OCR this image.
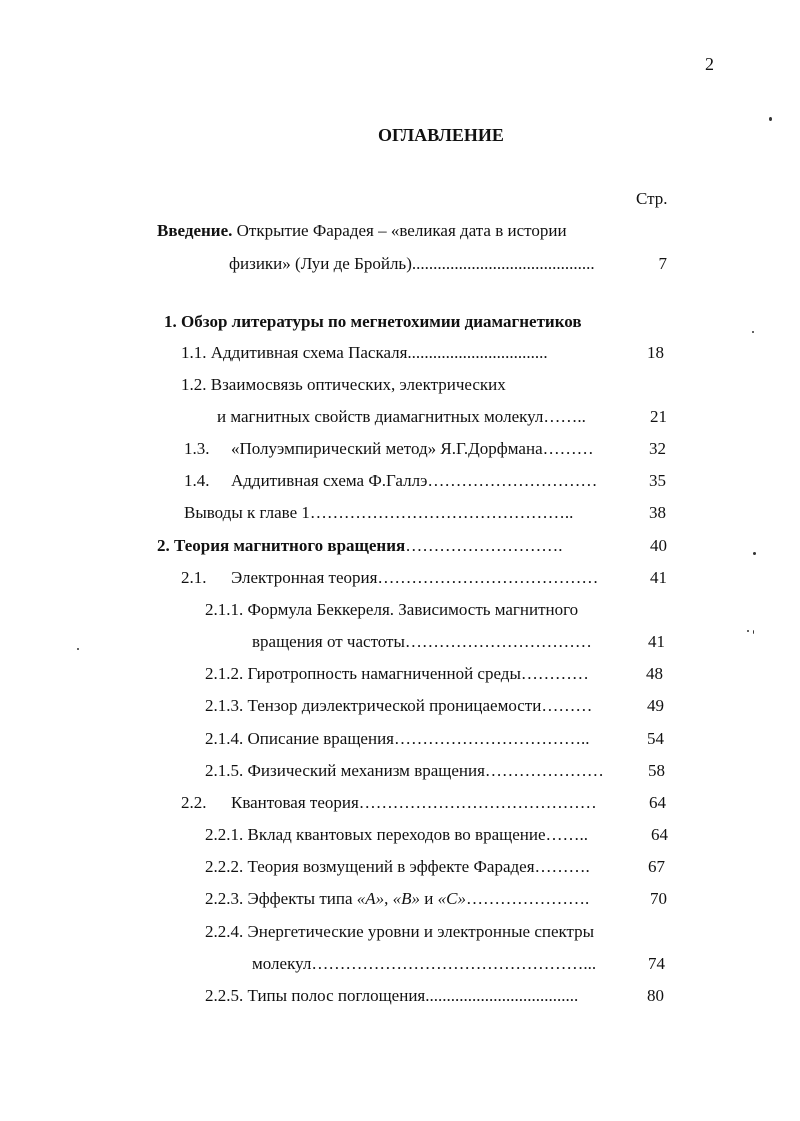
2
ОГЛАВЛЕНИЕ
Стр.
Введение. Открытие Фарадея – «великая дата в истории
физики» (Луи де Бройль)...........................................	7
1. Обзор литературы по мегнетохимии диамагнетиков
1.1. Аддитивная схема Паскаля.................................	18
1.2. Взаимосвязь оптических, электрических
и магнитных свойств диамагнитных молекул……..	21
1.3. «Полуэмпирический метод» Я.Г.Дорфмана………	32
1.4. Аддитивная схема Ф.Галлэ…………………………	35
Выводы к главе 1………………………………………..	38
2. Теория магнитного вращения……………………….	40
2.1. Электронная теория…………………………………	41
2.1.1. Формула Беккереля. Зависимость магнитного
вращения от частоты……………………………	41
2.1.2. Гиротропность намагниченной среды…………	48
2.1.3. Тензор диэлектрической проницаемости………	49
2.1.4. Описание вращения……………………………..	54
2.1.5. Физический механизм вращения…………………	58
2.2. Квантовая теория……………………………………	64
2.2.1. Вклад квантовых переходов во вращение……..	64
2.2.2. Теория возмущений в эффекте Фарадея……….	67
2.2.3. Эффекты типа «A», «B» и «C»………………….	70
2.2.4. Энергетические уровни и электронные спектры
молекул…………………………………………...	74
2.2.5. Типы полос поглощения....................................	80
